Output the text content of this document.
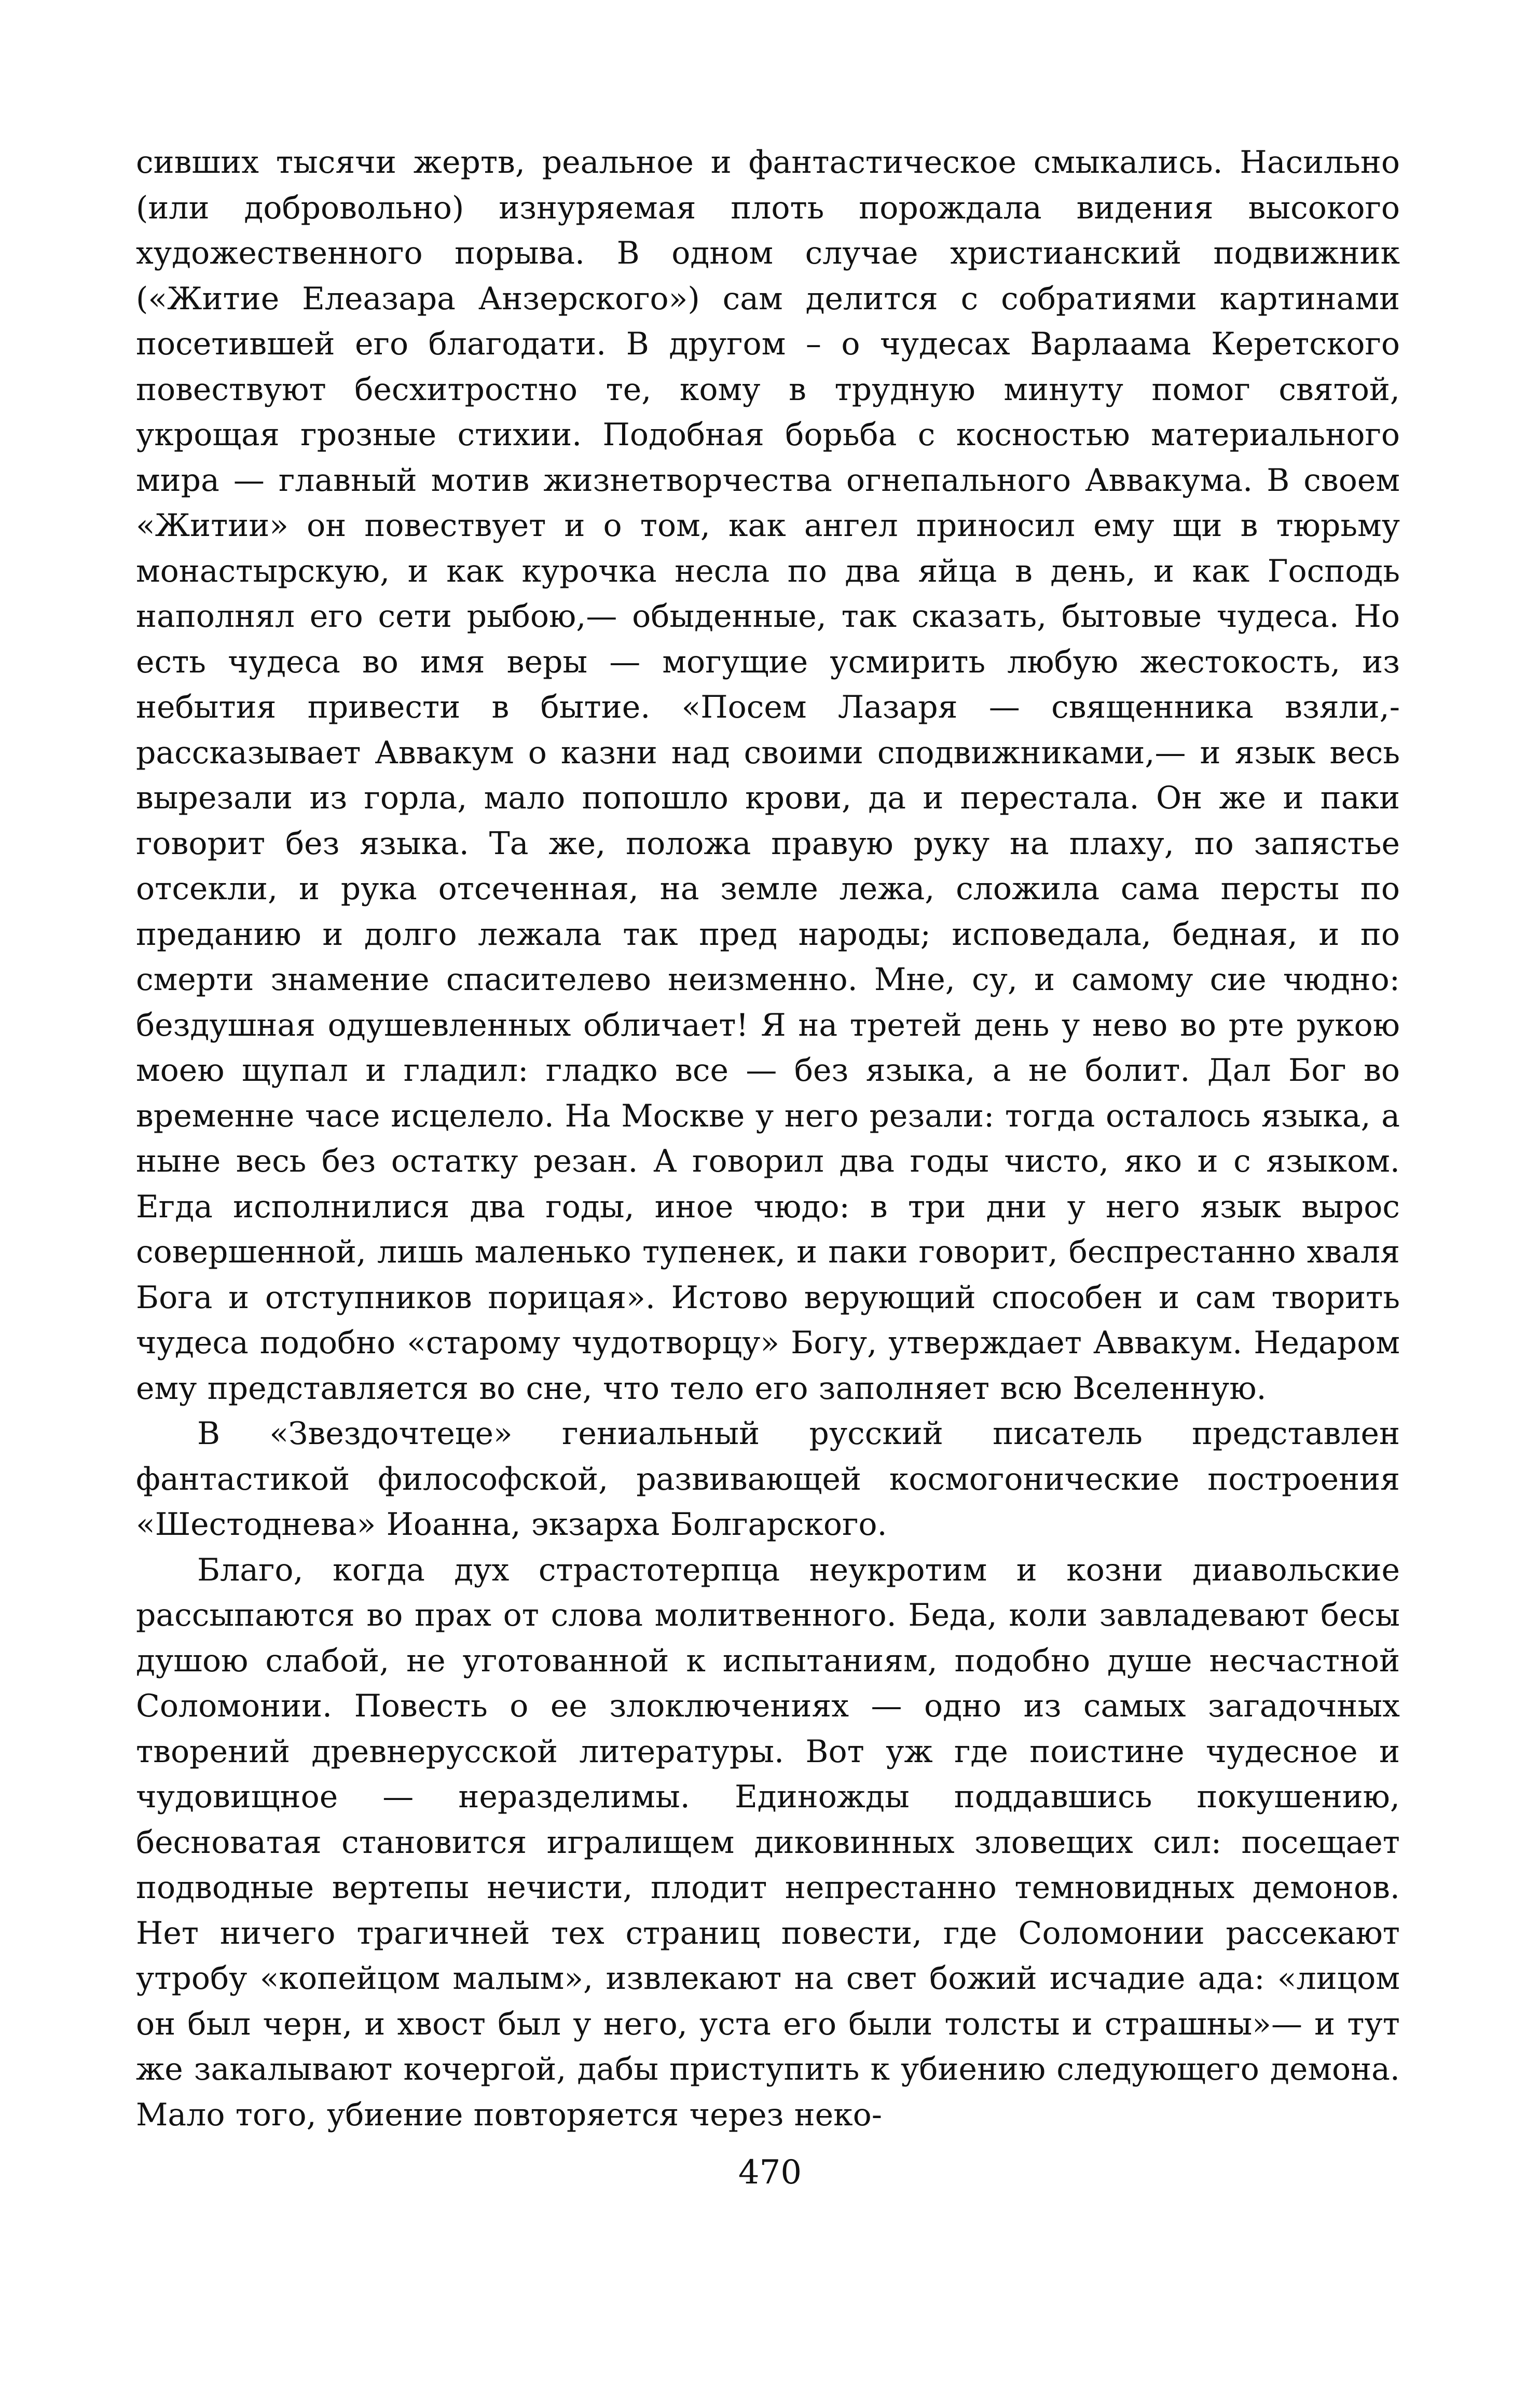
сивших тысячи жертв, реальное и фантастическое смыкались. Насильно (или добровольно) изнуряемая плоть порождала видения высокого художественного порыва. В одном случае христианский подвижник («Житие Елеазара Анзерского») сам делится с собратиями картинами посетившей его благодати. В другом – о чудесах Варлаама Керетского повествуют бесхитростно те, кому в трудную минуту помог святой, укрощая грозные стихии. Подобная борьба с косностью материального мира — главный мотив жизнетворчества огнепального Аввакума. В своем «Житии» он повествует и о том, как ангел приносил ему щи в тюрьму монастырскую, и как курочка несла по два яйца в день, и как Господь наполнял его сети рыбою,— обыденные, так сказать, бытовые чудеса. Но есть чудеса во имя веры — могущие усмирить любую жестокость, из небытия привести в бытие. «Посем Лазаря — священника взяли,- рассказывает Аввакум о казни над своими сподвижниками,— и язык весь вырезали из горла, мало попошло крови, да и перестала. Он же и паки говорит без языка. Та же, положа правую руку на плаху, по запястье отсекли, и рука отсеченная, на земле лежа, сложила сама персты по преданию и долго лежала так пред народы; исповедала, бедная, и по смерти знамение спасителево неизменно. Мне, су, и самому сие чюдно: бездушная одушевленных обличает! Я на третей день у нево во рте рукою моею щупал и гладил: гладко все — без языка, а не болит. Дал Бог во временне часе исцелело. На Москве у него резали: тогда осталось языка, а ныне весь без остатку резан. А говорил два годы чисто, яко и с языком. Егда исполнилися два годы, иное чюдо: в три дни у него язык вырос совершенной, лишь маленько тупенек, и паки говорит, беспрестанно хваля Бога и отступников порицая». Истово верующий способен и сам творить чудеса подобно «старому чудотворцу» Богу, утверждает Аввакум. Недаром ему представляется во сне, что тело его заполняет всю Вселенную.

В «Звездочтеце» гениальный русский писатель представлен фантастикой философской, развивающей космогонические построения «Шестоднева» Иоанна, экзарха Болгарского.

Благо, когда дух страстотерпца неукротим и козни диавольские рассыпаются во прах от слова молитвенного. Беда, коли завладевают бесы душою слабой, не уготованной к испытаниям, подобно душе несчастной Соломонии. Повесть о ее злоключениях — одно из самых загадочных творений древнерусской литературы. Вот уж где поистине чудесное и чудовищное — неразделимы. Единожды поддавшись покушению, бесноватая становится игралищем диковинных зловещих сил: посещает подводные вертепы нечисти, плодит непрестанно темновидных демонов. Нет ничего трагичней тех страниц повести, где Соломонии рассекают утробу «копейцом малым», извлекают на свет божий исчадие ада: «лицом он был черн, и хвост был у него, уста его были толсты и страшны»— и тут же закалывают кочергой, дабы приступить к убиению следующего демона. Мало того, убиение повторяется через неко-

470
